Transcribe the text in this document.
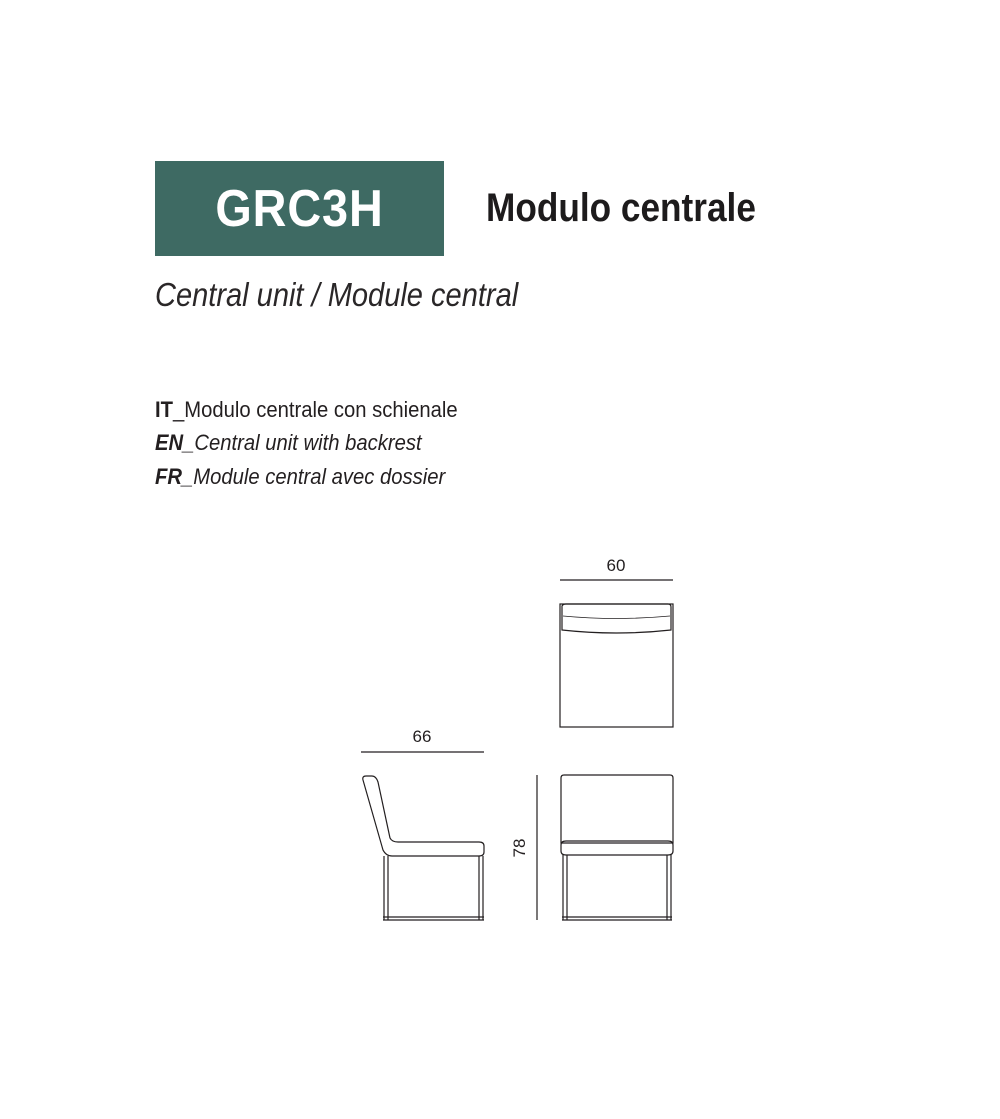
GRC3H	Modulo centrale
Central unit / Module central
IT_Modulo centrale con schienale
EN_Central unit with backrest
FR_Module central avec dossier
60
66
78
